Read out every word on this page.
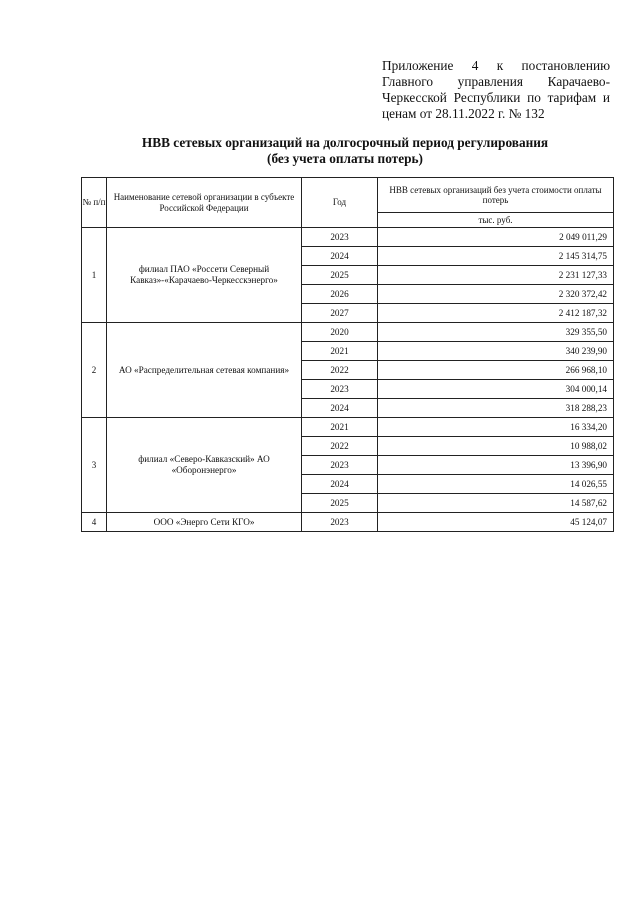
Приложение 4 к постановлению
Главного управления Карачаево-
Черкесской Республики по тарифам и
ценам от 28.11.2022 г. № 132
НВВ сетевых организаций на долгосрочный период регулирования
(без учета оплаты потерь)
№ п/п	Наименование сетевой организации в субъекте Российской Федерации	Год	НВВ сетевых организаций без учета стоимости оплаты потерь
			тыс. руб.
1	филиал ПАО «Россети Северный Кавказ»-«Карачаево-Черкесскэнерго»	2023	2 049 011,29
		2024	2 145 314,75
		2025	2 231 127,33
		2026	2 320 372,42
		2027	2 412 187,32
2	АО «Распределительная сетевая компания»	2020	329 355,50
		2021	340 239,90
		2022	266 968,10
		2023	304 000,14
		2024	318 288,23
3	филиал «Северо-Кавказский» АО «Оборонэнерго»	2021	16 334,20
		2022	10 988,02
		2023	13 396,90
		2024	14 026,55
		2025	14 587,62
4	ООО «Энерго Сети КГО»	2023	45 124,07
